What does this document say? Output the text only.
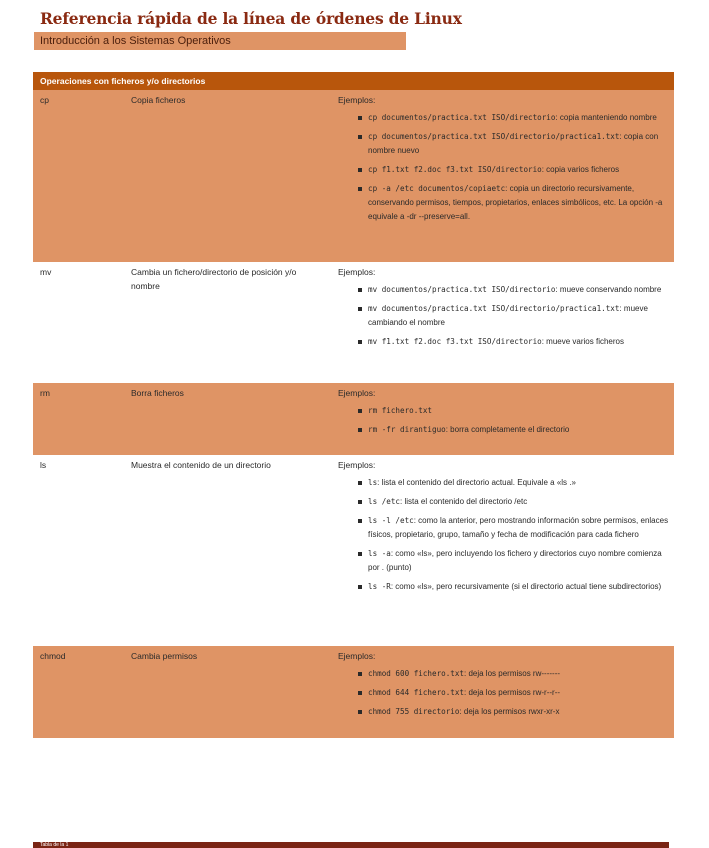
Referencia rápida de la línea de órdenes de Linux
Introducción a los Sistemas Operativos
Operaciones con ficheros y/o directorios
cp	Copia ficheros	Ejemplos:
cp documentos/practica.txt ISO/directorio: copia manteniendo nombre
cp documentos/practica.txt ISO/directorio/practica1.txt: copia con nombre nuevo
cp f1.txt f2.doc f3.txt ISO/directorio: copia varios ficheros
cp -a /etc documentos/copiaetc: copia un directorio recursivamente, conservando permisos, tiempos, propietarios, enlaces simbólicos, etc. La opción -a equivale a -dr --preserve=all.
mv	Cambia un fichero/directorio de posición y/o nombre
Ejemplos:
mv documentos/practica.txt ISO/directorio: mueve conservando nombre
mv documentos/practica.txt ISO/directorio/practica1.txt: mueve cambiando el nombre
mv f1.txt f2.doc f3.txt ISO/directorio: mueve varios ficheros
rm	Borra ficheros	Ejemplos:
rm fichero.txt
rm -fr dirantiguo: borra completamente el directorio
ls	Muestra el contenido de un directorio	Ejemplos:
ls: lista el contenido del directorio actual. Equivale a «ls .»
ls /etc: lista el contenido del directorio /etc
ls -l /etc: como la anterior, pero mostrando información sobre permisos, enlaces físicos, propietario, grupo, tamaño y fecha de modificación para cada fichero
ls -a: como «ls», pero incluyendo los fichero y directorios cuyo nombre comienza por . (punto)
ls -R: como «ls», pero recursivamente (si el directorio actual tiene subdirectorios)
chmod	Cambia permisos	Ejemplos:
chmod 600 fichero.txt: deja los permisos rw-------
chmod 644 fichero.txt: deja los permisos rw-r--r--
chmod 755 directorio: deja los permisos rwxr-xr-x
Tabla de la 1
